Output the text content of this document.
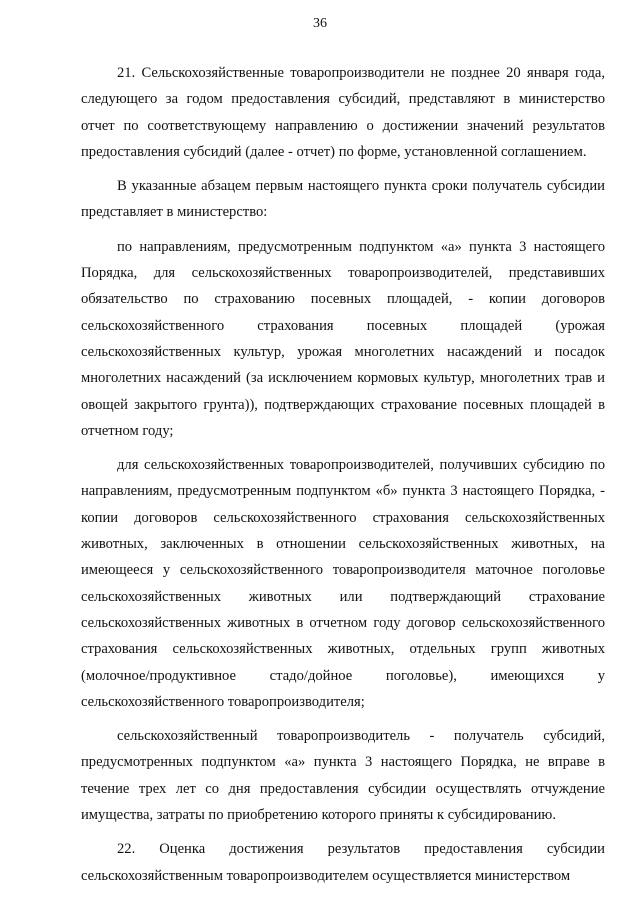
36

21. Сельскохозяйственные товаропроизводители не позднее 20 января года, следующего за годом предоставления субсидий, представляют в министерство отчет по соответствующему направлению о достижении значений результатов предоставления субсидий (далее - отчет) по форме, установленной соглашением.

В указанные абзацем первым настоящего пункта сроки получатель субсидии представляет в министерство:

по направлениям, предусмотренным подпунктом «а» пункта 3 настоящего Порядка, для сельскохозяйственных товаропроизводителей, представивших обязательство по страхованию посевных площадей, - копии договоров сельскохозяйственного страхования посевных площадей (урожая сельскохозяйственных культур, урожая многолетних насаждений и посадок многолетних насаждений (за исключением кормовых культур, многолетних трав и овощей закрытого грунта)), подтверждающих страхование посевных площадей в отчетном году;

для сельскохозяйственных товаропроизводителей, получивших субсидию по направлениям, предусмотренным подпунктом «б» пункта 3 настоящего Порядка, - копии договоров сельскохозяйственного страхования сельскохозяйственных животных, заключенных в отношении сельскохозяйственных животных, на имеющееся у сельскохозяйственного товаропроизводителя маточное поголовье сельскохозяйственных животных или подтверждающий страхование сельскохозяйственных животных в отчетном году договор сельскохозяйственного страхования сельскохозяйственных животных, отдельных групп животных (молочное/продуктивное стадо/дойное поголовье), имеющихся у сельскохозяйственного товаропроизводителя;

сельскохозяйственный товаропроизводитель - получатель субсидий, предусмотренных подпунктом «а» пункта 3 настоящего Порядка, не вправе в течение трех лет со дня предоставления субсидии осуществлять отчуждение имущества, затраты по приобретению которого приняты к субсидированию.

22. Оценка достижения результатов предоставления субсидии сельскохозяйственным товаропроизводителем осуществляется министерством
